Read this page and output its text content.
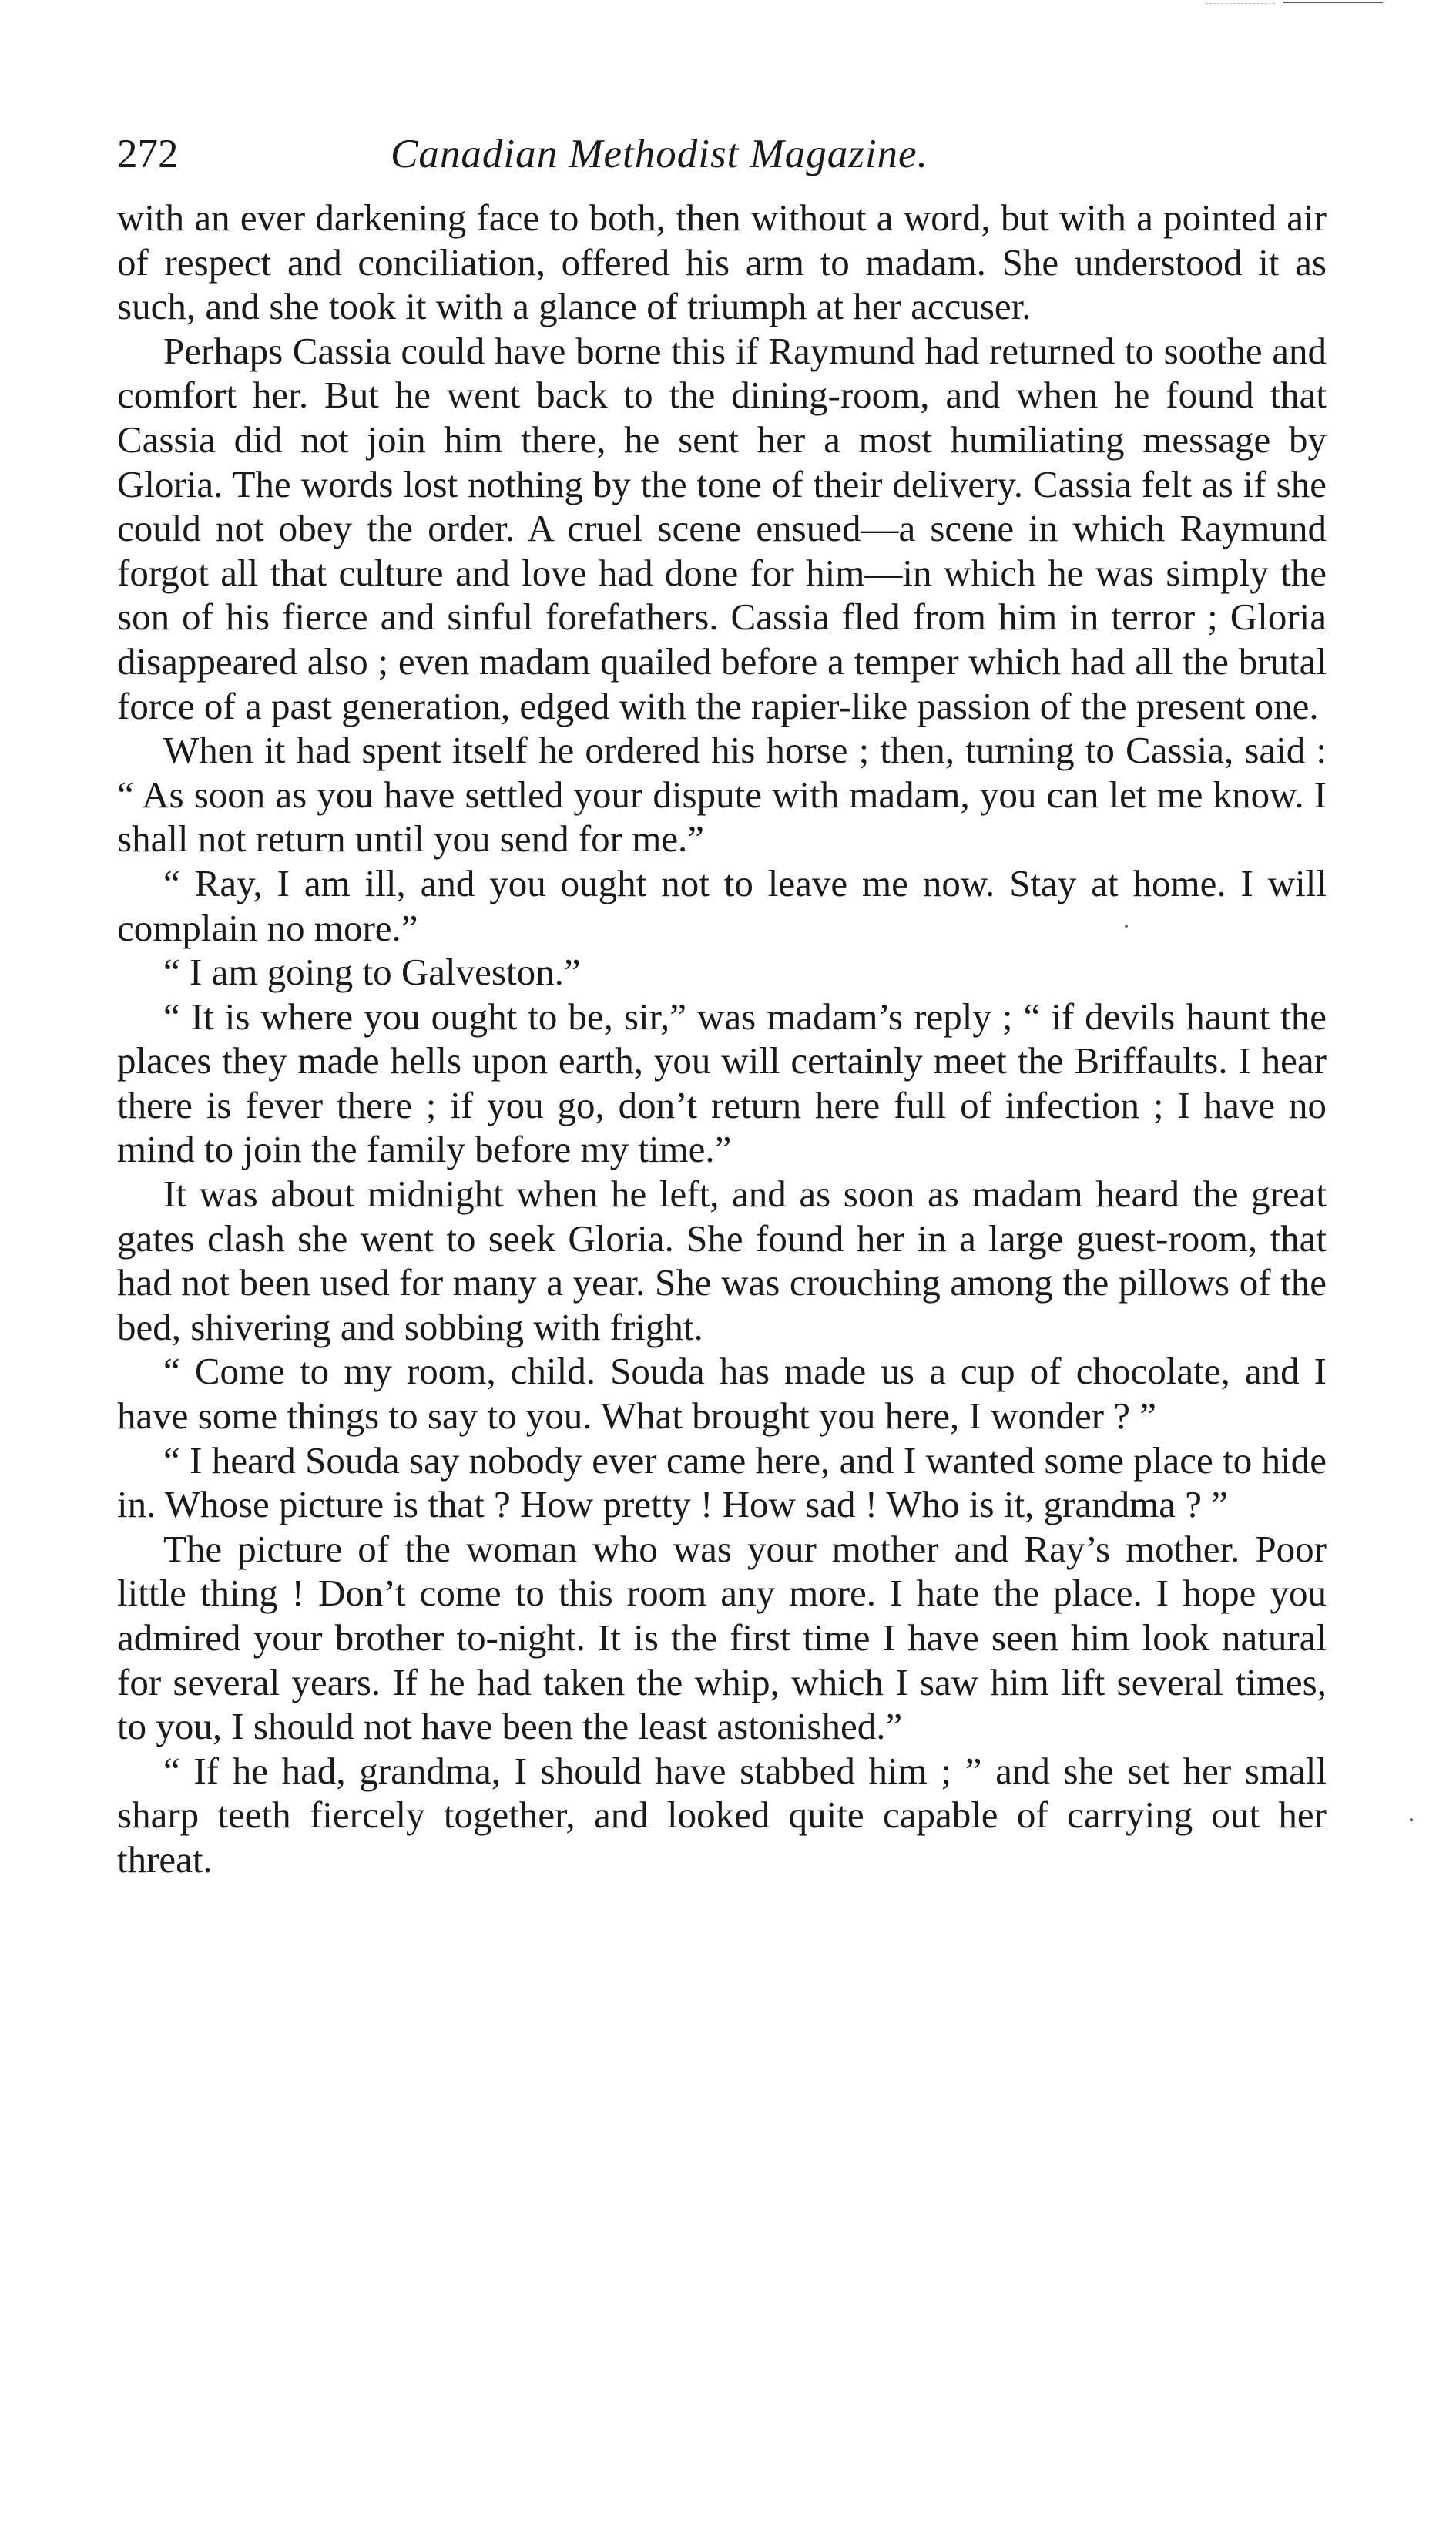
272	Canadian Methodist Magazine.

with an ever darkening face to both, then without a word, but with a pointed air of respect and conciliation, offered his arm to madam. She understood it as such, and she took it with a glance of triumph at her accuser.

Perhaps Cassia could have borne this if Raymund had returned to soothe and comfort her. But he went back to the dining-room, and when he found that Cassia did not join him there, he sent her a most humiliating message by Gloria. The words lost nothing by the tone of their delivery. Cassia felt as if she could not obey the order. A cruel scene ensued—a scene in which Raymund forgot all that culture and love had done for him—in which he was simply the son of his fierce and sinful forefathers. Cassia fled from him in terror ; Gloria disappeared also ; even madam quailed before a temper which had all the brutal force of a past generation, edged with the rapier-like passion of the present one.

When it had spent itself he ordered his horse ; then, turning to Cassia, said : “ As soon as you have settled your dispute with madam, you can let me know. I shall not return until you send for me.”

“ Ray, I am ill, and you ought not to leave me now. Stay at home. I will complain no more.”

“ I am going to Galveston.”

“ It is where you ought to be, sir,” was madam’s reply ; “ if devils haunt the places they made hells upon earth, you will certainly meet the Briffaults. I hear there is fever there ; if you go, don’t return here full of infection ; I have no mind to join the family before my time.”

It was about midnight when he left, and as soon as madam heard the great gates clash she went to seek Gloria. She found her in a large guest-room, that had not been used for many a year. She was crouching among the pillows of the bed, shivering and sobbing with fright.

“ Come to my room, child. Souda has made us a cup of chocolate, and I have some things to say to you. What brought you here, I wonder ? ”

“ I heard Souda say nobody ever came here, and I wanted some place to hide in. Whose picture is that ? How pretty ! How sad ! Who is it, grandma ? ”

The picture of the woman who was your mother and Ray’s mother. Poor little thing ! Don’t come to this room any more. I hate the place. I hope you admired your brother to-night. It is the first time I have seen him look natural for several years. If he had taken the whip, which I saw him lift several times, to you, I should not have been the least astonished.”

“ If he had, grandma, I should have stabbed him ; ” and she set her small sharp teeth fiercely together, and looked quite capable of carrying out her threat.
